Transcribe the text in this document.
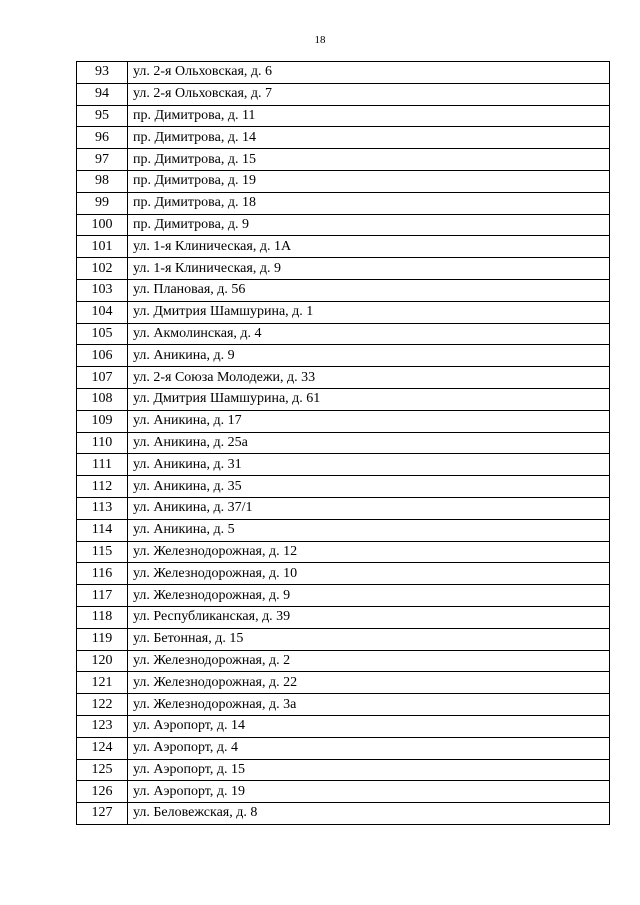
18
93	ул. 2-я Ольховская, д. 6
94	ул. 2-я Ольховская, д. 7
95	пр. Димитрова, д. 11
96	пр. Димитрова, д. 14
97	пр. Димитрова, д. 15
98	пр. Димитрова, д. 19
99	пр. Димитрова, д. 18
100	пр. Димитрова, д. 9
101	ул. 1-я Клиническая, д. 1А
102	ул. 1-я Клиническая, д. 9
103	ул. Плановая, д. 56
104	ул. Дмитрия Шамшурина, д. 1
105	ул. Акмолинская, д. 4
106	ул. Аникина, д. 9
107	ул. 2-я Союза Молодежи, д. 33
108	ул. Дмитрия Шамшурина, д. 61
109	ул. Аникина, д. 17
110	ул. Аникина, д. 25а
111	ул. Аникина, д. 31
112	ул. Аникина, д. 35
113	ул. Аникина, д. 37/1
114	ул. Аникина, д. 5
115	ул. Железнодорожная, д. 12
116	ул. Железнодорожная, д. 10
117	ул. Железнодорожная, д. 9
118	ул. Республиканская, д. 39
119	ул. Бетонная, д. 15
120	ул. Железнодорожная, д. 2
121	ул. Железнодорожная, д. 22
122	ул. Железнодорожная, д. 3а
123	ул. Аэропорт, д. 14
124	ул. Аэропорт, д. 4
125	ул. Аэропорт, д. 15
126	ул. Аэропорт, д. 19
127	ул. Беловежская, д. 8
